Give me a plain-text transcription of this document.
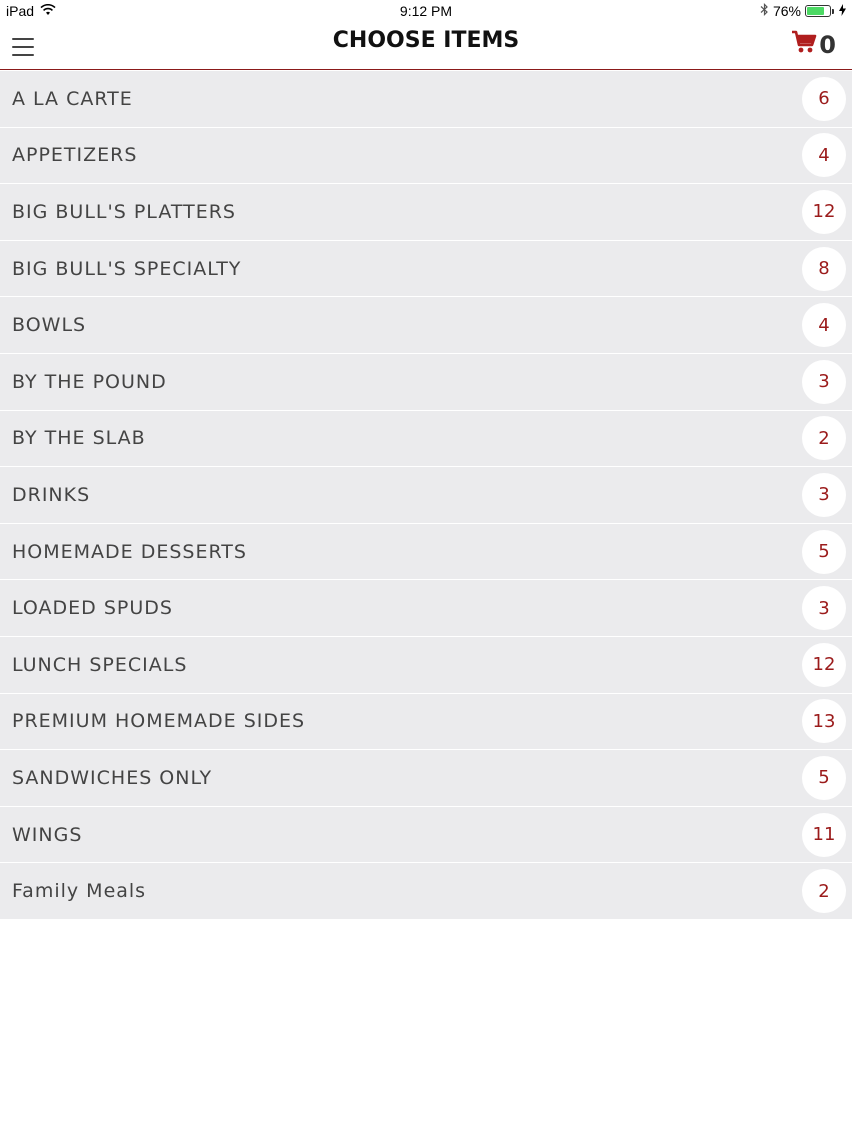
iPad	9:12 PM	76%
CHOOSE ITEMS	0
A LA CARTE	6
APPETIZERS	4
BIG BULL'S PLATTERS	12
BIG BULL'S SPECIALTY	8
BOWLS	4
BY THE POUND	3
BY THE SLAB	2
DRINKS	3
HOMEMADE DESSERTS	5
LOADED SPUDS	3
LUNCH SPECIALS	12
PREMIUM HOMEMADE SIDES	13
SANDWICHES ONLY	5
WINGS	11
Family Meals	2
